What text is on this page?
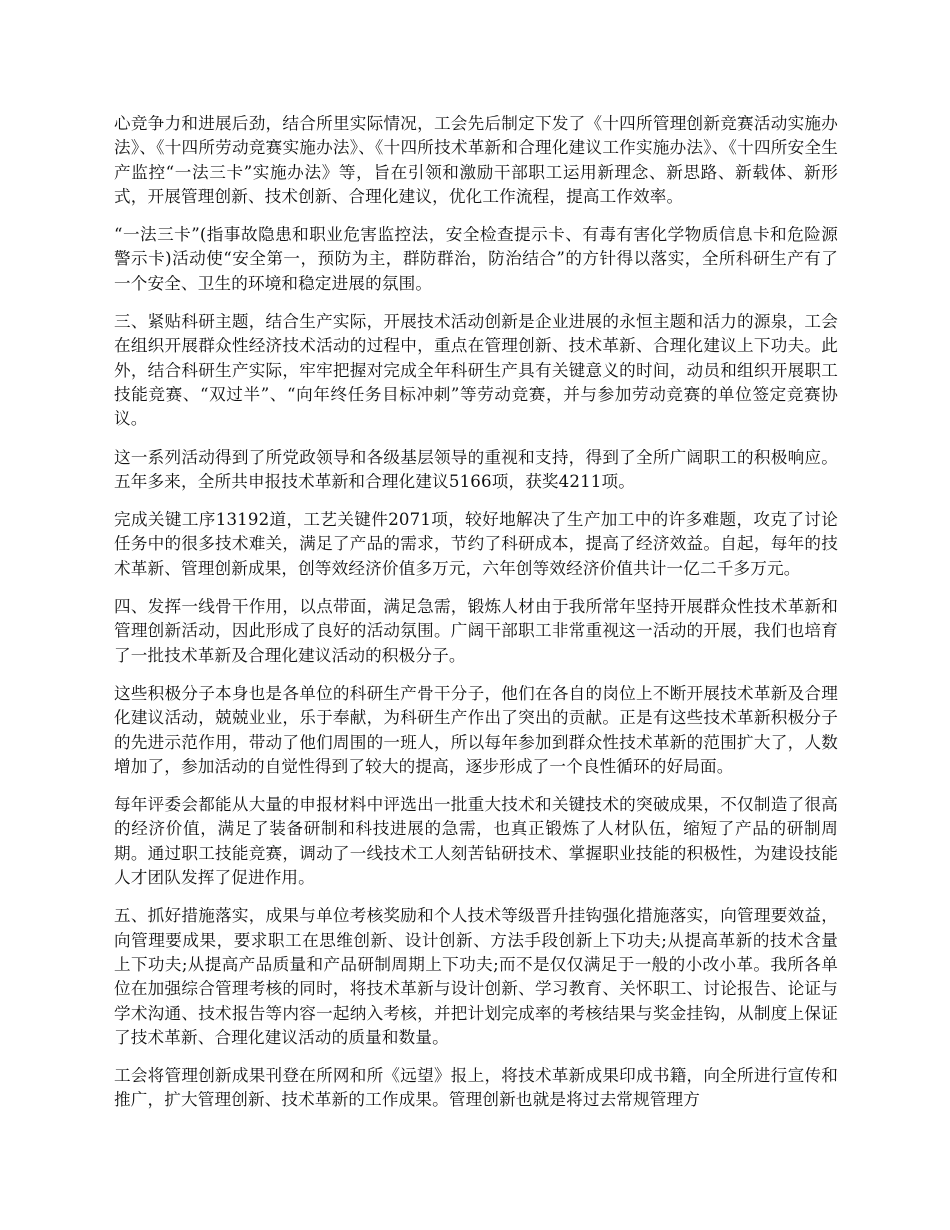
心竞争力和进展后劲，结合所里实际情况，工会先后制定下发了《十四所管理创新竞赛活动实施办法》、《十四所劳动竞赛实施办法》、《十四所技术革新和合理化建议工作实施办法》、《十四所安全生产监控“一法三卡”实施办法》等，旨在引领和激励干部职工运用新理念、新思路、新载体、新形式，开展管理创新、技术创新、合理化建议，优化工作流程，提高工作效率。

“一法三卡”(指事故隐患和职业危害监控法，安全检查提示卡、有毒有害化学物质信息卡和危险源警示卡)活动使“安全第一，预防为主，群防群治，防治结合”的方针得以落实，全所科研生产有了一个安全、卫生的环境和稳定进展的氛围。

三、紧贴科研主题，结合生产实际，开展技术活动创新是企业进展的永恒主题和活力的源泉，工会在组织开展群众性经济技术活动的过程中，重点在管理创新、技术革新、合理化建议上下功夫。此外，结合科研生产实际，牢牢把握对完成全年科研生产具有关键意义的时间，动员和组织开展职工技能竞赛、“双过半”、“向年终任务目标冲刺”等劳动竞赛，并与参加劳动竞赛的单位签定竞赛协议。

这一系列活动得到了所党政领导和各级基层领导的重视和支持，得到了全所广阔职工的积极响应。五年多来，全所共申报技术革新和合理化建议5166项，获奖4211项。

完成关键工序13192道，工艺关键件2071项，较好地解决了生产加工中的许多难题，攻克了讨论任务中的很多技术难关，满足了产品的需求，节约了科研成本，提高了经济效益。自起，每年的技术革新、管理创新成果，创等效经济价值多万元，六年创等效经济价值共计一亿二千多万元。

四、发挥一线骨干作用，以点带面，满足急需，锻炼人材由于我所常年坚持开展群众性技术革新和管理创新活动，因此形成了良好的活动氛围。广阔干部职工非常重视这一活动的开展，我们也培育了一批技术革新及合理化建议活动的积极分子。

这些积极分子本身也是各单位的科研生产骨干分子，他们在各自的岗位上不断开展技术革新及合理化建议活动，兢兢业业，乐于奉献，为科研生产作出了突出的贡献。正是有这些技术革新积极分子的先进示范作用，带动了他们周围的一班人，所以每年参加到群众性技术革新的范围扩大了，人数增加了，参加活动的自觉性得到了较大的提高，逐步形成了一个良性循环的好局面。

每年评委会都能从大量的申报材料中评选出一批重大技术和关键技术的突破成果，不仅制造了很高的经济价值，满足了装备研制和科技进展的急需，也真正锻炼了人材队伍，缩短了产品的研制周期。通过职工技能竞赛，调动了一线技术工人刻苦钻研技术、掌握职业技能的积极性，为建设技能人才团队发挥了促进作用。

五、抓好措施落实，成果与单位考核奖励和个人技术等级晋升挂钩强化措施落实，向管理要效益，向管理要成果，要求职工在思维创新、设计创新、方法手段创新上下功夫;从提高革新的技术含量上下功夫;从提高产品质量和产品研制周期上下功夫;而不是仅仅满足于一般的小改小革。我所各单位在加强综合管理考核的同时，将技术革新与设计创新、学习教育、关怀职工、讨论报告、论证与学术沟通、技术报告等内容一起纳入考核，并把计划完成率的考核结果与奖金挂钩，从制度上保证了技术革新、合理化建议活动的质量和数量。

工会将管理创新成果刊登在所网和所《远望》报上，将技术革新成果印成书籍，向全所进行宣传和推广，扩大管理创新、技术革新的工作成果。管理创新也就是将过去常规管理方
